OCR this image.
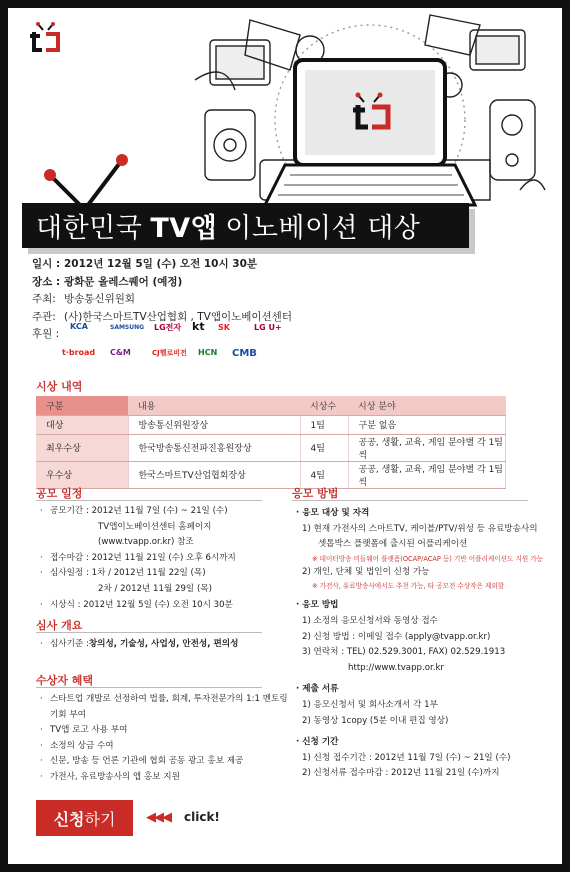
대한민국 TV앱 이노베이션 대상
일시 : 2012년 12월 5일 (수) 오전 10시 30분
장소 : 광화문 올레스퀘어 (예정)
주최: 방송통신위원회
주관: (사)한국스마트TV산업협회 , TV앱이노베이션센터
후원 :
KCA	SAMSUNG LG전자 kt SK	LG U+
t·broad C&M	CJ헬로비전 HCN CMB
시상 내역
구분	내용	시상수	시상 분야
대상	방송통신위원장상	1팀	구분 없음
최우수상	한국방송통신전파진흥원장상	4팀	공공, 생활, 교육, 게임 분야별 각 1팀씩
우수상	한국스마트TV산업협회장상	4팀	공공, 생활, 교육, 게임 분야별 각 1팀씩
공모 일정
· 공모기간 : 2012년 11월 7일 (수) ~ 21일 (수)
TV앱이노베이션센터 홈페이지
(www.tvapp.or.kr) 참조
· 접수마감 : 2012년 11월 21일 (수) 오후 6시까지
· 심사일정 : 1차 / 2012년 11월 22일 (목)
2차 / 2012년 11월 29일 (목)
· 시상식 : 2012년 12월 5일 (수) 오전 10시 30분
심사 개요
· 심사기준 : 창의성, 기술성, 사업성, 안전성, 편의성
수상자 혜택
· 스타트업 개발로 선정하여 법률, 회계, 투자전문가의 1:1 멘토링
기회 부여
· TV앱 로고 사용 부여
· 소정의 상금 수여
· 신문, 방송 등 언론 기관에 협회 공동 광고 홍보 제공
· 가전사, 유료방송사의 앱 홍보 지원
응모 방법
· 응모 대상 및 자격
1) 현재 가전사의 스마트TV, 케이블/PTV/위성 등 유료방송사의
셋톱박스 플랫폼에 출시된 어플리케이션
※ 데이터방송 미들웨어 플랫폼(OCAP/ACAP 등) 기반 어플리케이션도 지원 가능
2) 개인, 단체 및 법인이 신청 가능
※ 가전사, 유료방송사에서도 추천 가능, 타 공모전 수상작은 제외함
· 응모 방법
1) 소정의 응모신청서와 동영상 접수
2) 신청 방법 : 이메일 접수 (apply@tvapp.or.kr)
3) 연락처 : TEL) 02.529.3001, FAX) 02.529.1913
http://www.tvapp.or.kr
· 제출 서류
1) 응모신청서 및 회사소개서 각 1부
2) 동영상 1copy (5분 이내 편집 영상)
· 신청 기간
1) 신청 접수기간 : 2012년 11월 7일 (수) ~ 21일 (수)
2) 신청서류 접수마감 : 2012년 11월 21일 (수)까지
신청 하기 ◀◀◀ click!
